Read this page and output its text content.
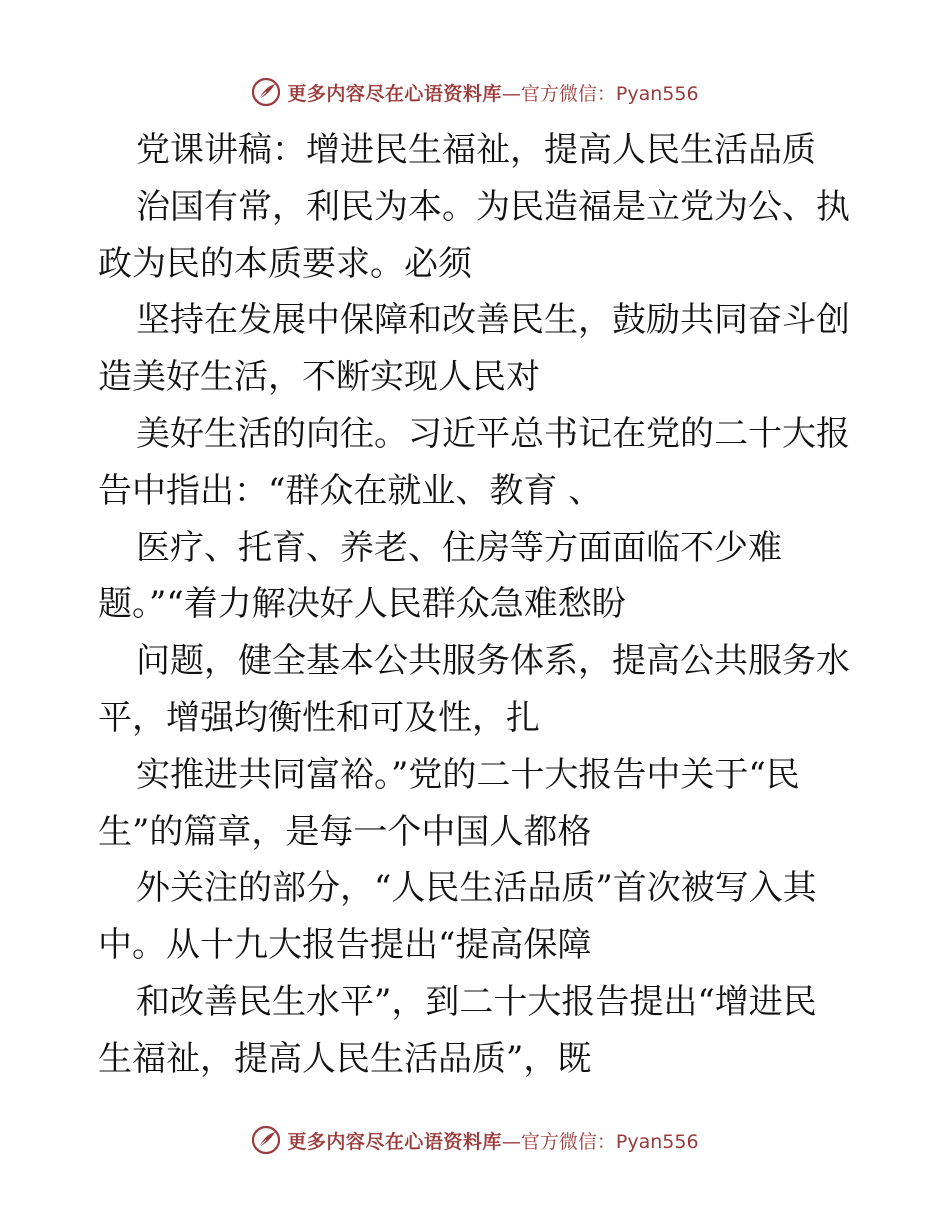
更多内容尽在心语资料库 —官方微信：Pyan556
党课讲稿：增进民生福祉，提高人民生活品质
治国有常，利民为本。为民造福是立党为公、执
政为民的本质要求。必须
坚持在发展中保障和改善民生，鼓励共同奋斗创
造美好生活，不断实现人民对
美好生活的向往。习近平总书记在党的二十大报
告中指出：“群众在就业、教育 、
医疗、托育、养老、住房等方面面临不少难
题。”“着力解决好人民群众急难愁盼
问题，健全基本公共服务体系，提高公共服务水
平，增强均衡性和可及性，扎
实推进共同富裕。”党的二十大报告中关于“民
生”的篇章，是每一个中国人都格
外关注的部分，“人民生活品质”首次被写入其
中。从十九大报告提出“提高保障
和改善民生水平”，到二十大报告提出“增进民
生福祉，提高人民生活品质”，既
更多内容尽在心语资料库 —官方微信：Pyan556
